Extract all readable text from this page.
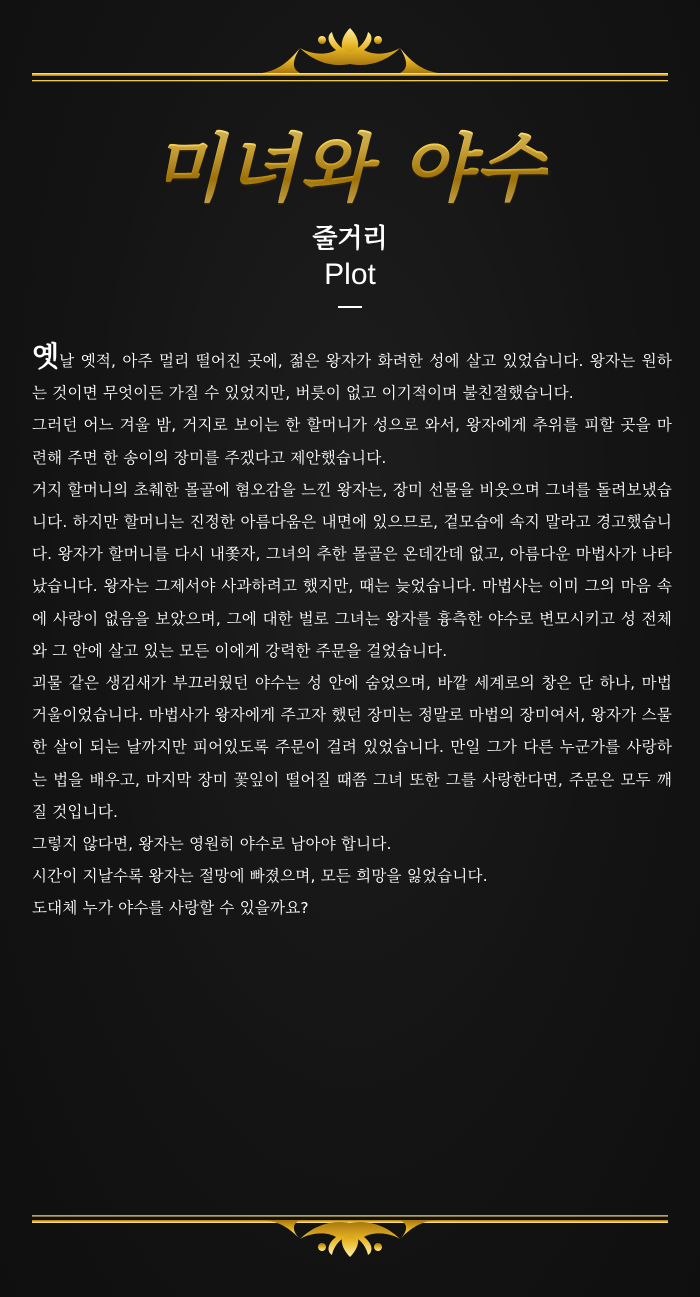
미녀와 야수
줄거리
Plot

옛날 옛적, 아주 멀리 떨어진 곳에, 젊은 왕자가 화려한 성에 살고 있었습니다. 왕자는 원하는 것이면 무엇이든 가질 수 있었지만, 버릇이 없고 이기적이며 불친절했습니다.

그러던 어느 겨울 밤, 거지로 보이는 한 할머니가 성으로 와서, 왕자에게 추위를 피할 곳을 마련해 주면 한 송이의 장미를 주겠다고 제안했습니다.

거지 할머니의 초췌한 몰골에 혐오감을 느낀 왕자는, 장미 선물을 비웃으며 그녀를 돌려보냈습니다. 하지만 할머니는 진정한 아름다움은 내면에 있으므로, 겉모습에 속지 말라고 경고했습니다. 왕자가 할머니를 다시 내쫓자, 그녀의 추한 몰골은 온데간데 없고, 아름다운 마법사가 나타났습니다. 왕자는 그제서야 사과하려고 했지만, 때는 늦었습니다. 마법사는 이미 그의 마음 속에 사랑이 없음을 보았으며, 그에 대한 벌로 그녀는 왕자를 흉측한 야수로 변모시키고 성 전체와 그 안에 살고 있는 모든 이에게 강력한 주문을 걸었습니다.

괴물 같은 생김새가 부끄러웠던 야수는 성 안에 숨었으며, 바깥 세계로의 창은 단 하나, 마법 거울이었습니다. 마법사가 왕자에게 주고자 했던 장미는 정말로 마법의 장미여서, 왕자가 스물 한 살이 되는 날까지만 피어있도록 주문이 걸려 있었습니다. 만일 그가 다른 누군가를 사랑하는 법을 배우고, 마지막 장미 꽃잎이 떨어질 때쯤 그녀 또한 그를 사랑한다면, 주문은 모두 깨질 것입니다.

그렇지 않다면, 왕자는 영원히 야수로 남아야 합니다.

시간이 지날수록 왕자는 절망에 빠졌으며, 모든 희망을 잃었습니다.

도대체 누가 야수를 사랑할 수 있을까요?
